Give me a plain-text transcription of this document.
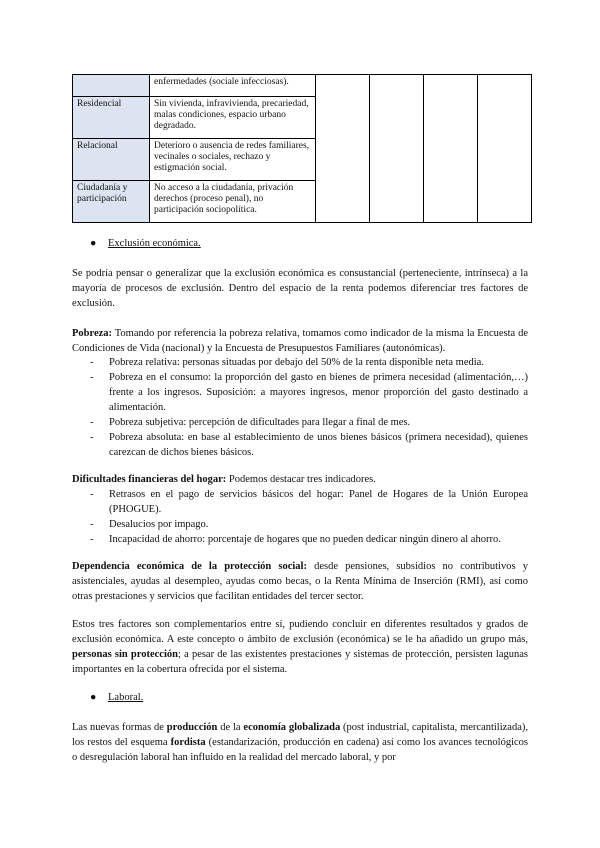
	enfermedades (sociale infecciosas).				
Residencial	Sin vivienda, infravivienda, precariedad, malas condiciones, espacio urbano degradado.				
Relacional	Deterioro o ausencia de redes familiares, vecinales o sociales, rechazo y estigmación social.				
Ciudadanía y participación	No acceso a la ciudadanía, privación derechos (proceso penal), no participación sociopolítica.				
● Exclusión económica.

Se podría pensar o generalizar que la exclusión económica es consustancial (perteneciente, intrínseca) a la mayoría de procesos de exclusión. Dentro del espacio de la renta podemos diferenciar tres factores de exclusión.

Pobreza: Tomando por referencia la pobreza relativa, tomamos como indicador de la misma la Encuesta de Condiciones de Vida (nacional) y la Encuesta de Presupuestos Familiares (autonómicas).

- Pobreza relativa: personas situadas por debajo del 50% de la renta disponible neta media.
- Pobreza en el consumo: la proporción del gasto en bienes de primera necesidad (alimentación,…) frente a los ingresos. Suposición: a mayores ingresos, menor proporción del gasto destinado a alimentación.
- Pobreza subjetiva: percepción de dificultades para llegar a final de mes.
- Pobreza absoluta: en base al establecimiento de unos bienes básicos (primera necesidad), quienes carezcan de dichos bienes básicos.

Dificultades financieras del hogar: Podemos destacar tres indicadores.

- Retrasos en el pago de servicios básicos del hogar: Panel de Hogares de la Unión Europea (PHOGUE).
- Desalucios por impago.
- Incapacidad de ahorro: porcentaje de hogares que no pueden dedicar ningún dinero al ahorro.

Dependencia económica de la protección social: desde pensiones, subsidios no contributivos y asistenciales, ayudas al desempleo, ayudas como becas, o la Renta Mínima de Inserción (RMI), así como otras prestaciones y servicios que facilitan entidades del tercer sector.

Estos tres factores son complementarios entre sí, pudiendo concluir en diferentes resultados y grados de exclusión económica. A este concepto o ámbito de exclusión (económica) se le ha añadido un grupo más, personas sin protección; a pesar de las existentes prestaciones y sistemas de protección, persisten lagunas importantes en la cobertura ofrecida por el sistema.

● Laboral.

Las nuevas formas de producción de la economía globalizada (post industrial, capitalista, mercantilizada), los restos del esquema fordista (estandarización, producción en cadena) así como los avances tecnológicos o desregulación laboral han influido en la realidad del mercado laboral, y por
